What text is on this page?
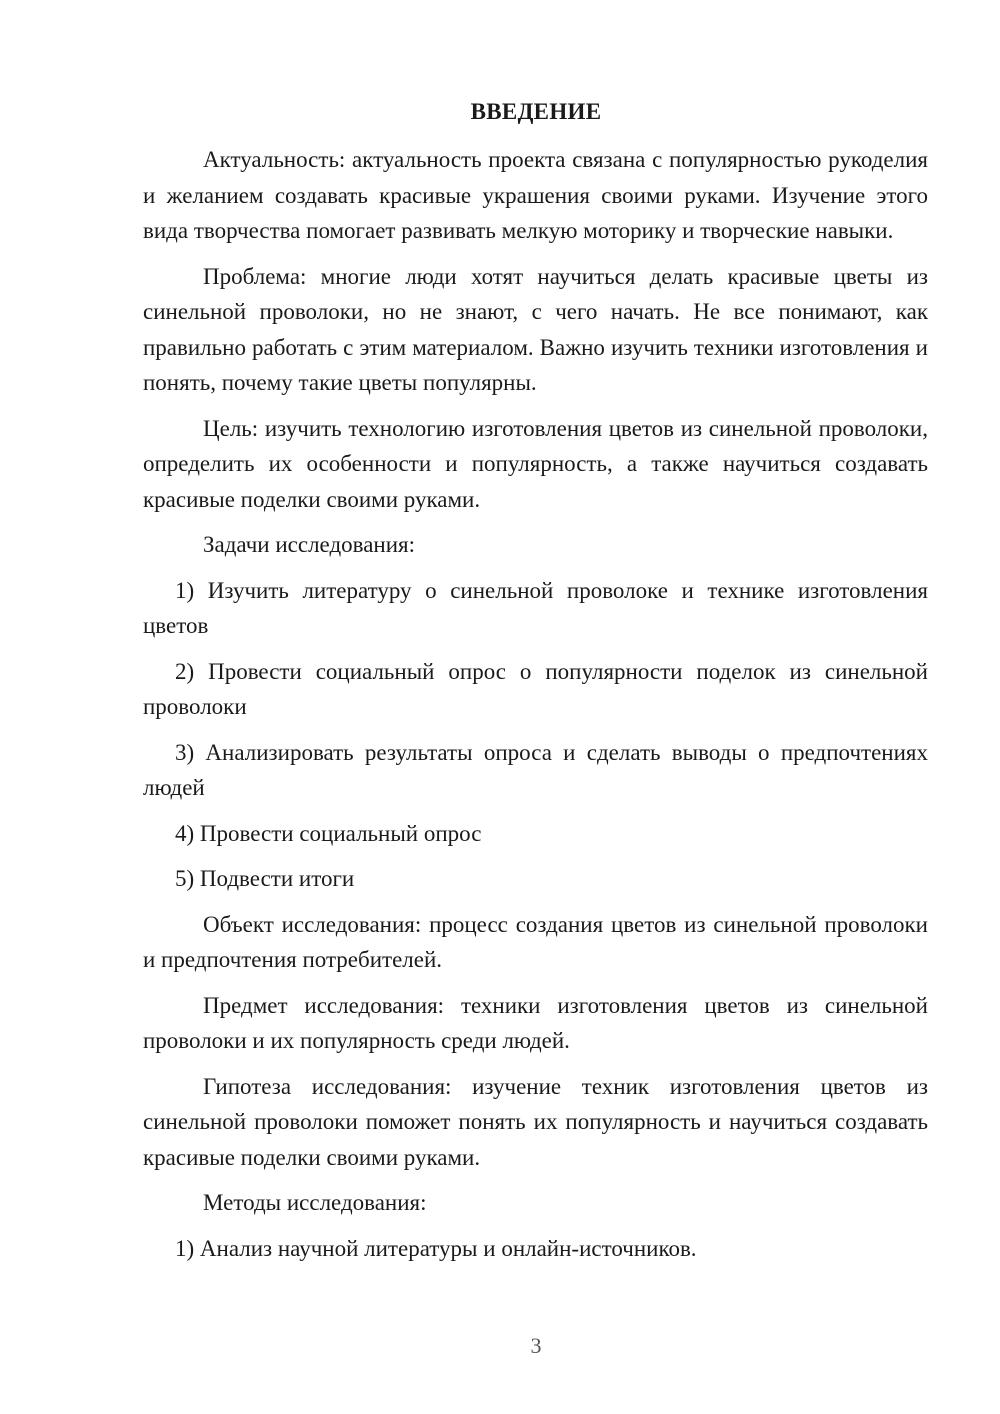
ВВЕДЕНИЕ

Актуальность: актуальность проекта связана с популярностью рукоделия и желанием создавать красивые украшения своими руками. Изучение этого вида творчества помогает развивать мелкую моторику и творческие навыки.

Проблема: многие люди хотят научиться делать красивые цветы из синельной проволоки, но не знают, с чего начать. Не все понимают, как правильно работать с этим материалом. Важно изучить техники изготовления и понять, почему такие цветы популярны.

Цель: изучить технологию изготовления цветов из синельной проволоки, определить их особенности и популярность, а также научиться создавать красивые поделки своими руками.

Задачи исследования:

1) Изучить литературу о синельной проволоке и технике изготовления цветов

2) Провести социальный опрос о популярности поделок из синельной проволоки

3) Анализировать результаты опроса и сделать выводы о предпочтениях людей

4) Провести социальный опрос

5) Подвести итоги

Объект исследования: процесс создания цветов из синельной проволоки и предпочтения потребителей.

Предмет исследования: техники изготовления цветов из синельной проволоки и их популярность среди людей.

Гипотеза исследования: изучение техник изготовления цветов из синельной проволоки поможет понять их популярность и научиться создавать красивые поделки своими руками.

Методы исследования:

1) Анализ научной литературы и онлайн-источников.

3
